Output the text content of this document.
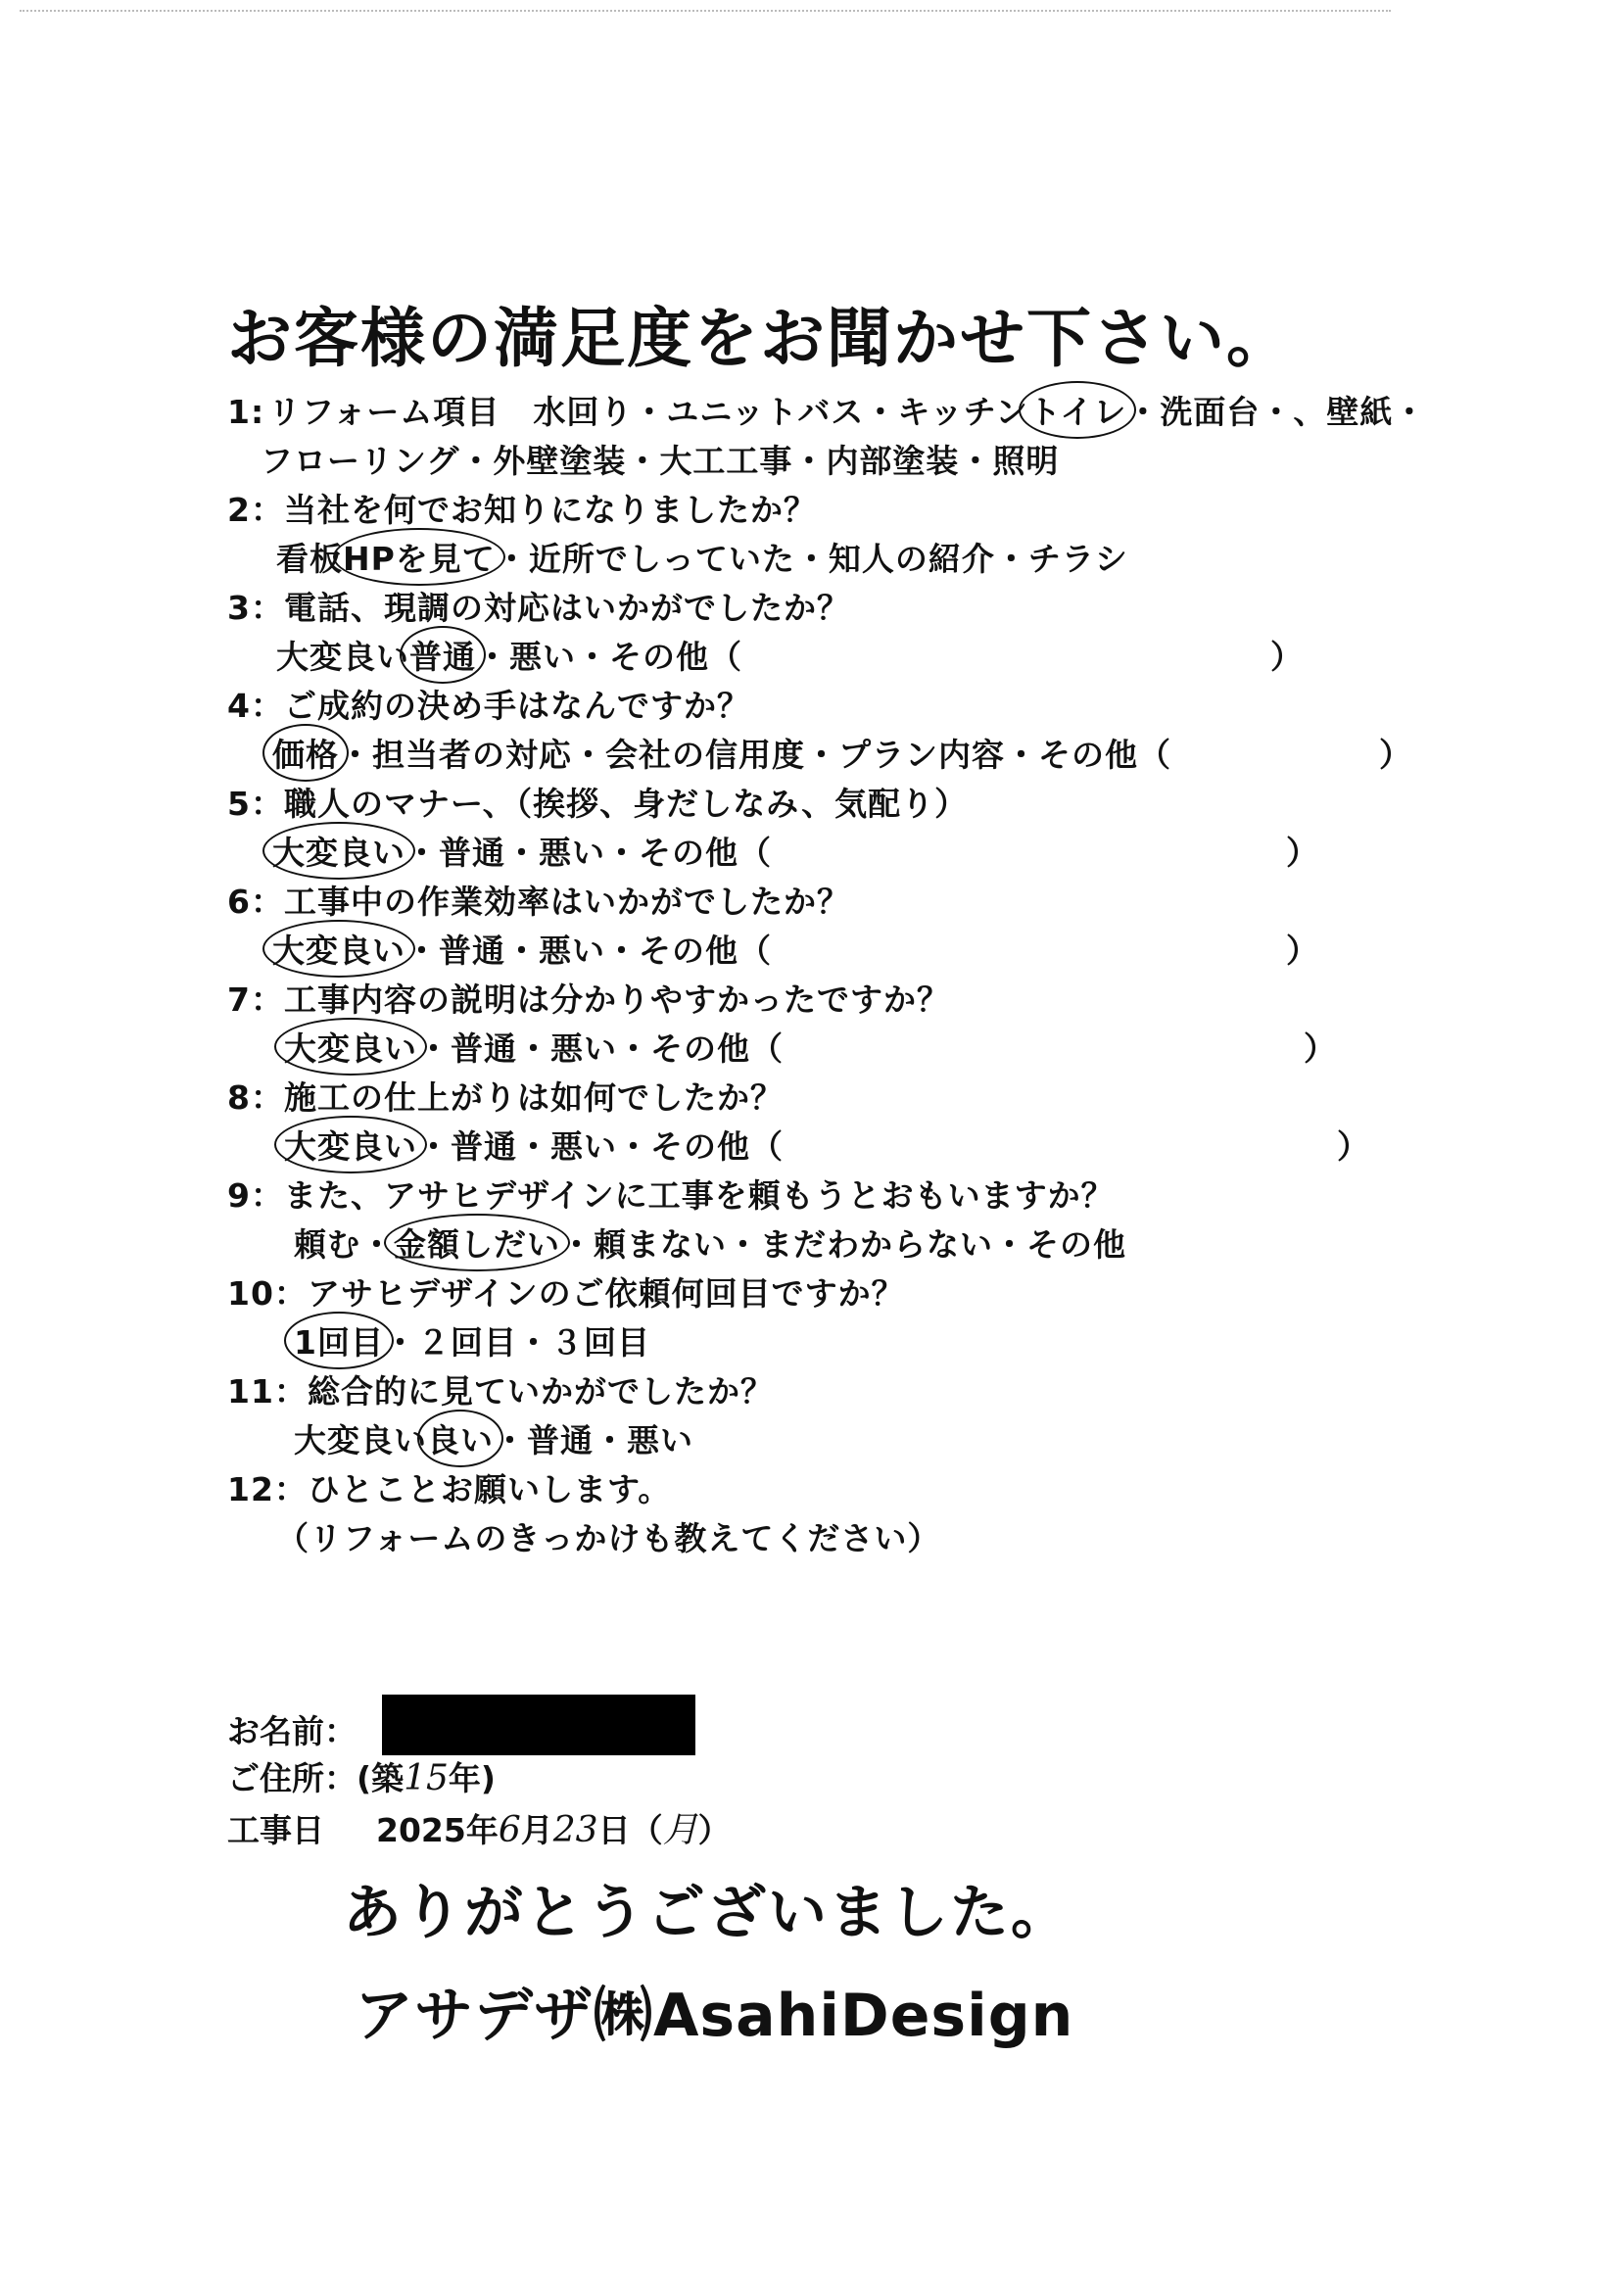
お客様の満足度をお聞かせ下さい。
1: リフォーム項目　水回り・ユニットバス・キッチントイレ・洗面台・、壁紙・
フローリング・外壁塗装・大工工事・内部塗装・照明
2：当社を何でお知りになりましたか？
看板HPを見て・近所でしっていた・知人の紹介・チラシ
3：電話、現調の対応はいかがでしたか？
大変良い普通・悪い・その他（	）
4：ご成約の決め手はなんですか？
価格・担当者の対応・会社の信用度・プラン内容・その他（	）
5：職人のマナー、（挨拶、身だしなみ、気配り）
大変良い・普通・悪い・その他（	）
6：工事中の作業効率はいかがでしたか？
大変良い・普通・悪い・その他（	）
7：工事内容の説明は分かりやすかったですか？
大変良い・普通・悪い・その他（	）
8：施工の仕上がりは如何でしたか？
大変良い・普通・悪い・その他（	）
9：また、アサヒデザインに工事を頼もうとおもいますか？
頼む・金額しだい・頼まない・まだわからない・その他
10：アサヒデザインのご依頼何回目ですか？
1回目・２回目・３回目
11：総合的に見ていかがでしたか？
大変良い良い・普通・悪い
12：ひとことお願いします。
（リフォームのきっかけも教えてください）
お名前：
ご住所：(築15年)
工事日 2025年6月23日（月）
ありがとうございました。
アサデザ㈱AsahiDesign
